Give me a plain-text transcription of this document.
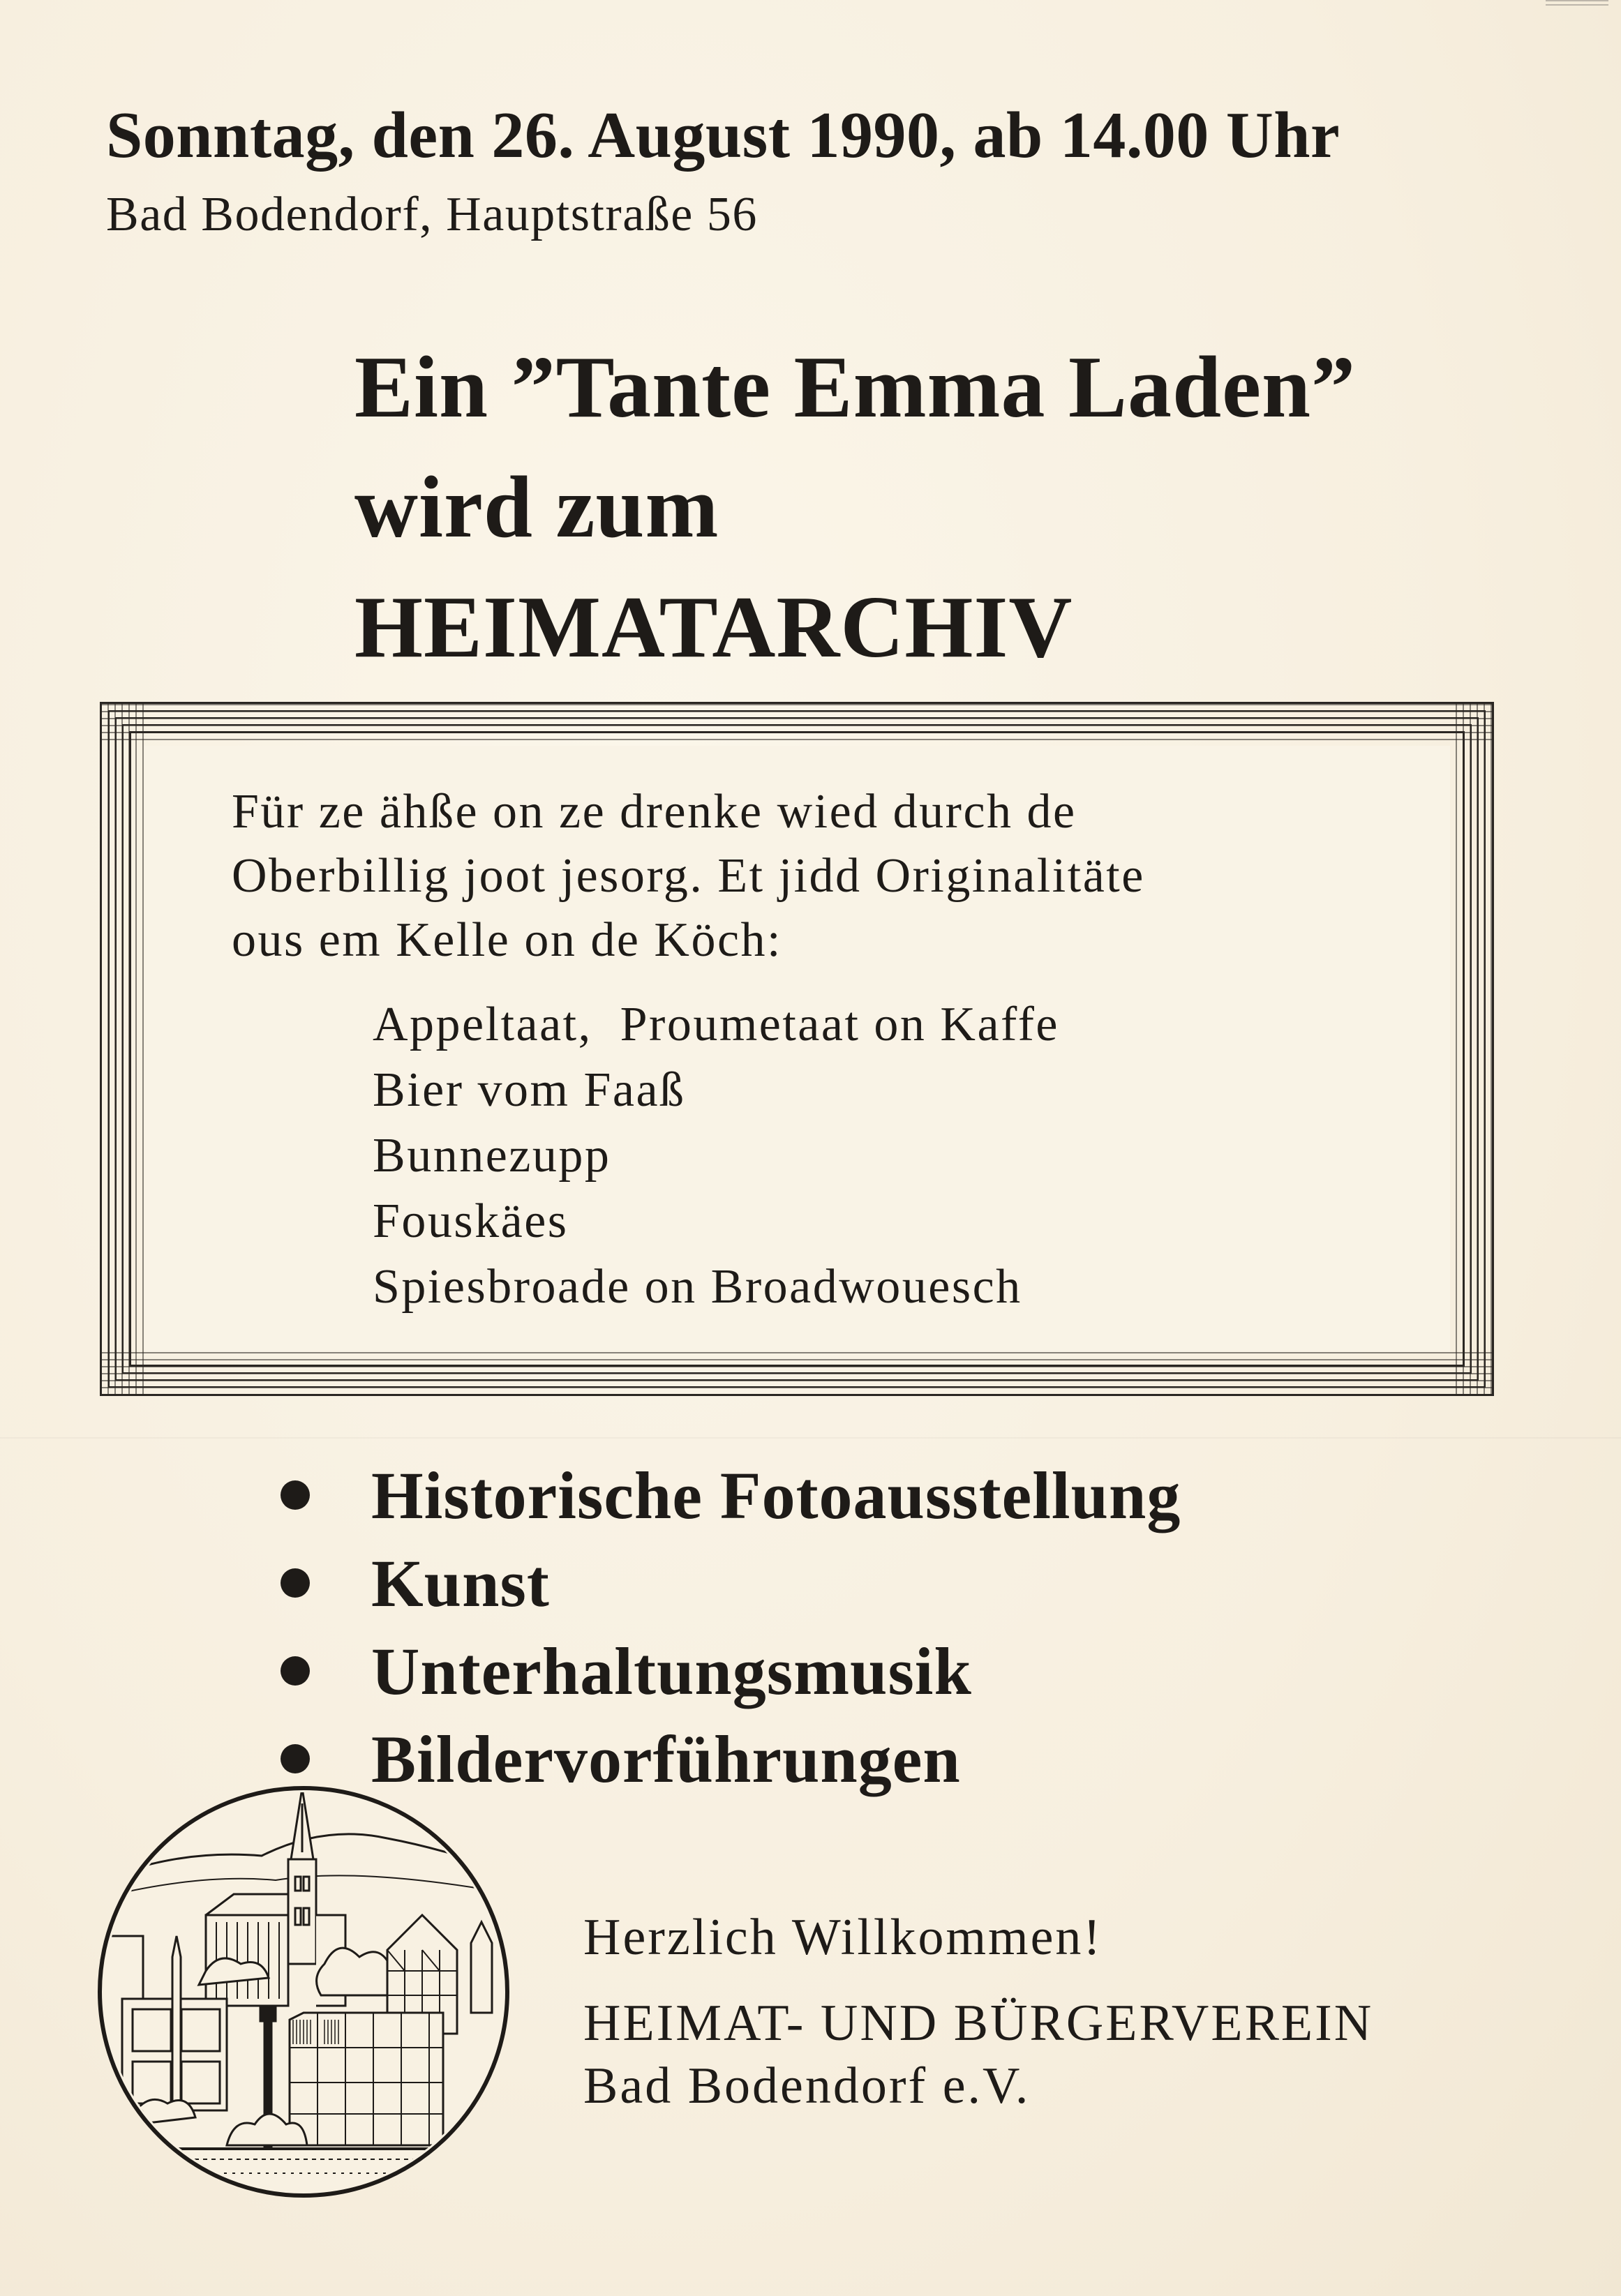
Sonntag, den 26. August 1990, ab 14.00 Uhr
Bad Bodendorf, Hauptstraße 56
Ein ”Tante Emma Laden”
wird zum
HEIMATARCHIV
Für ze ähße on ze drenke wied durch de
Oberbillig joot jesorg. Et jidd Originalitäte
ous em Kelle on de Köch:
Appeltaat,  Proumetaat on Kaffe
Bier vom Faaß
Bunnezupp
Fouskäes
Spiesbroade on Broadwouesch
Historische Fotoausstellung
Kunst
Unterhaltungsmusik
Bildervorführungen
Herzlich Willkommen!
HEIMAT- UND BÜRGERVEREIN
Bad Bodendorf e.V.
